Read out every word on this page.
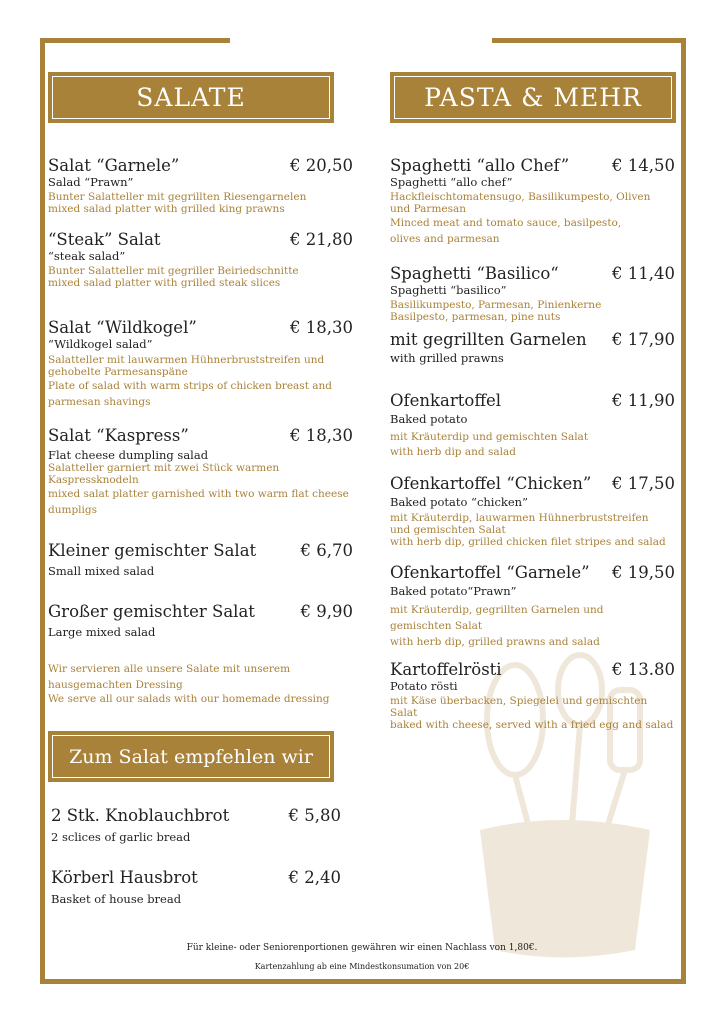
SALATE	PASTA & MEHR
Salat “Garnele”	€ 20,50
Salad “Prawn”
Bunter Salatteller mit gegrillten Riesengarnelen
mixed salad platter with grilled king prawns
“Steak” Salat	€ 21,80
“steak salad”
Bunter Salatteller mit gegriller Beiriedschnitte
mixed salad platter with grilled steak slices
Salat “Wildkogel”	€ 18,30
“Wildkogel salad”
Salatteller mit lauwarmen Hühnerbruststreifen und
gehobelte Parmesanspäne
Plate of salad with warm strips of chicken breast and
parmesan shavings
Salat “Kaspress”	€ 18,30
Flat cheese dumpling salad
Salatteller garniert mit zwei Stück warmen
Kaspressknodeln
mixed salat platter garnished with two warm flat cheese
dumpligs
Kleiner gemischter Salat	€ 6,70
Small mixed salad
Großer gemischter Salat	€ 9,90
Large mixed salad
Wir servieren alle unsere Salate mit unserem
hausgemachten Dressing
We serve all our salads with our homemade dressing
Zum Salat empfehlen wir
2 Stk. Knoblauchbrot	€ 5,80
2 sclices of garlic bread
Körberl Hausbrot	€ 2,40
Basket of house bread
Spaghetti “allo Chef”	€ 14,50
Spaghetti “allo chef”
Hackfleischtomatensugo, Basilikumpesto, Oliven
und Parmesan
Minced meat and tomato sauce, basilpesto,
olives and parmesan
Spaghetti “Basilico“	€ 11,40
Spaghetti “basilico”
Basilikumpesto, Parmesan, Pinienkerne
Basilpesto, parmesan, pine nuts
mit gegrillten Garnelen € 17,90
with grilled prawns
Ofenkartoffel	€ 11,90
Baked potato
mit Kräuterdip und gemischten Salat
with herb dip and salad
Ofenkartoffel “Chicken” € 17,50
Baked potato “chicken”
mit Kräuterdip, lauwarmen Hühnerbruststreifen
und gemischten Salat
with herb dip, grilled chicken filet stripes and salad
Ofenkartoffel “Garnele” € 19,50
Baked potato“Prawn”
mit Kräuterdip, gegrillten Garnelen und
gemischten Salat
with herb dip, grilled prawns and salad
Kartoffelrösti	€ 13.80
Potato rösti
mit Käse überbacken, Spiegelei und gemischten
Salat
baked with cheese, served with a fried egg and salad
Für kleine- oder Seniorenportionen gewähren wir einen Nachlass von 1,80€.
Kartenzahlung ab eine Mindestkonsumation von 20€
